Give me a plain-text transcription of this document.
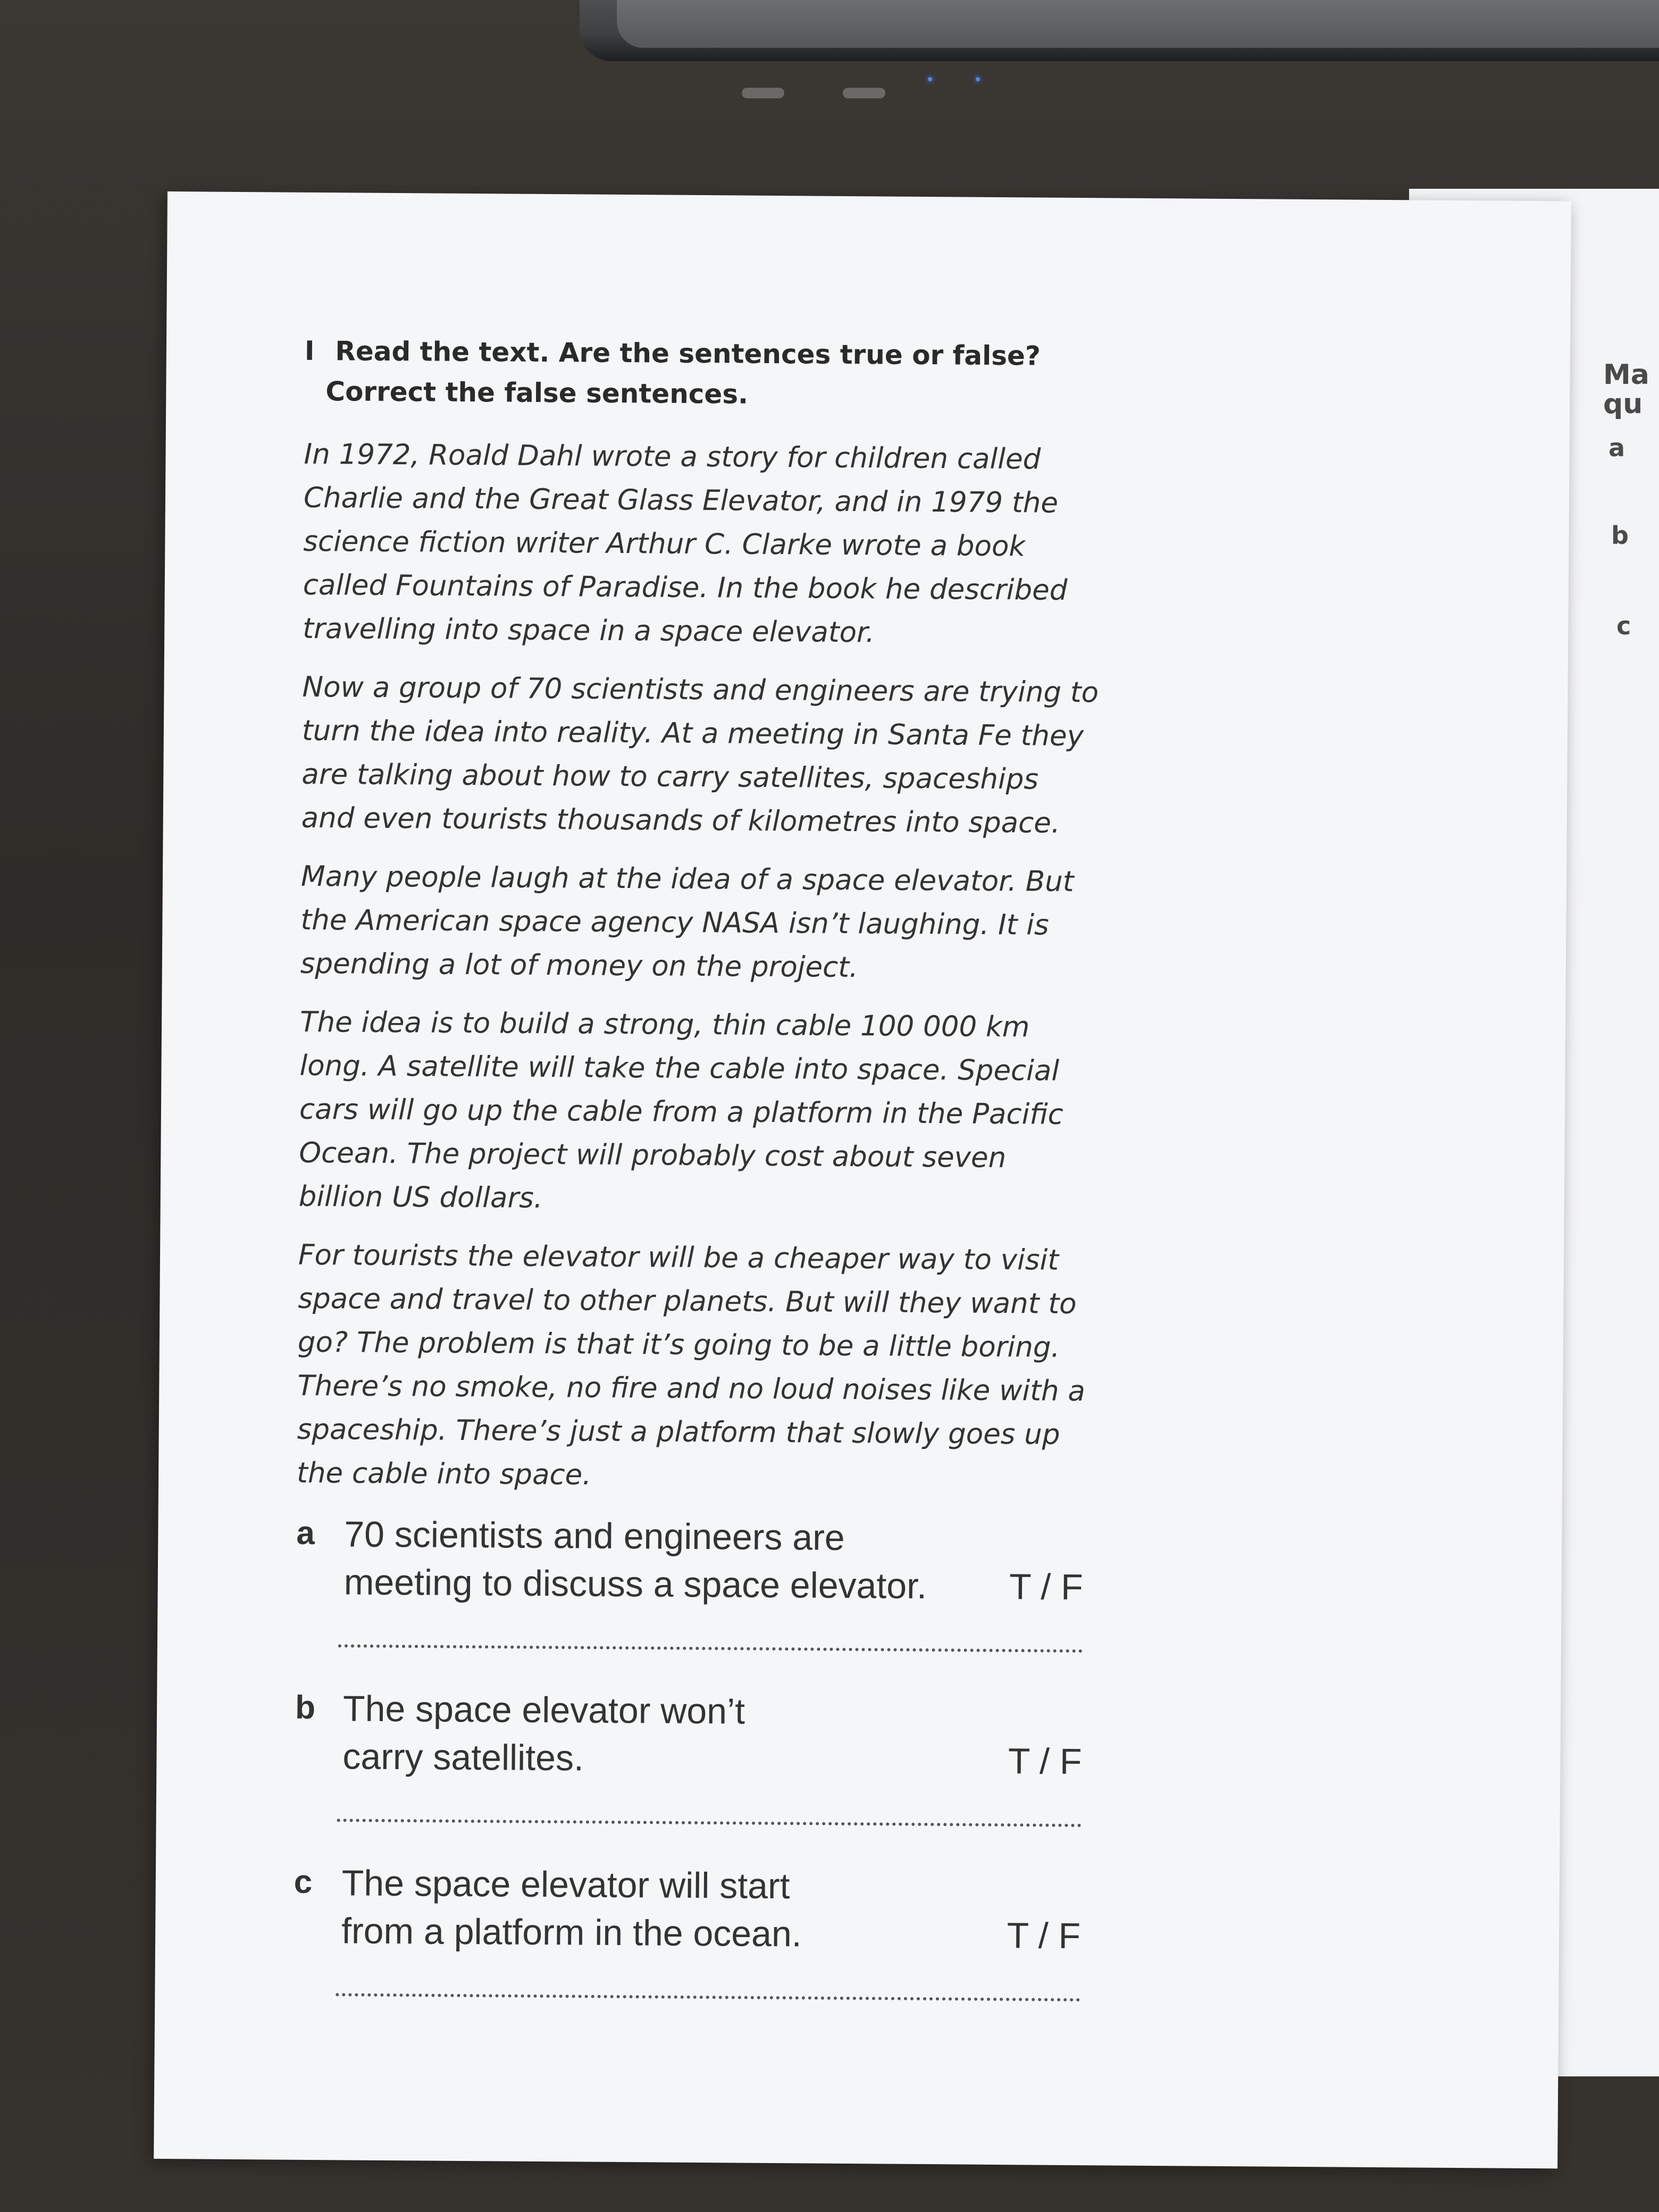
Ma
qu
a
b
c
I Read the text. Are the sentences true or false?
Correct the false sentences.

In 1972, Roald Dahl wrote a story for children called Charlie and the Great Glass Elevator, and in 1979 the science fiction writer Arthur C. Clarke wrote a book called Fountains of Paradise. In the book he described travelling into space in a space elevator.

Now a group of 70 scientists and engineers are trying to turn the idea into reality. At a meeting in Santa Fe they are talking about how to carry satellites, spaceships and even tourists thousands of kilometres into space.

Many people laugh at the idea of a space elevator. But the American space agency NASA isn’t laughing. It is spending a lot of money on the project.

The idea is to build a strong, thin cable 100 000 km long. A satellite will take the cable into space. Special cars will go up the cable from a platform in the Pacific Ocean. The project will probably cost about seven billion US dollars.

For tourists the elevator will be a cheaper way to visit space and travel to other planets. But will they want to go? The problem is that it’s going to be a little boring. There’s no smoke, no fire and no loud noises like with a spaceship. There’s just a platform that slowly goes up the cable into space.

a 70 scientists and engineers are
meeting to discuss a space elevator.	T / F
b The space elevator won’t
carry satellites.	T / F
c The space elevator will start
from a platform in the ocean.	T / F
